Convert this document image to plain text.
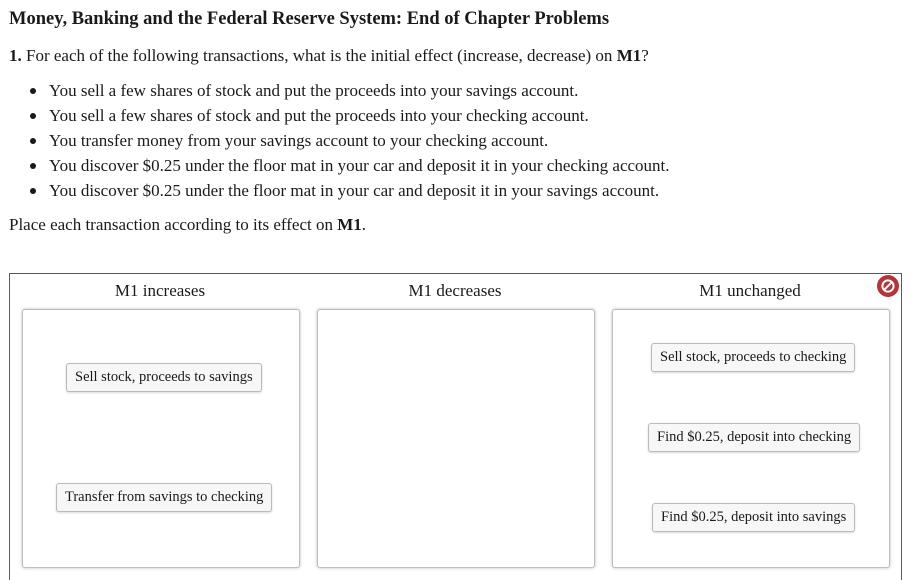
Money, Banking and the Federal Reserve System: End of Chapter Problems

1. For each of the following transactions, what is the initial effect (increase, decrease) on M1?

You sell a few shares of stock and put the proceeds into your savings account.
You sell a few shares of stock and put the proceeds into your checking account.
You transfer money from your savings account to your checking account.
You discover $0.25 under the floor mat in your car and deposit it in your checking account.
You discover $0.25 under the floor mat in your car and deposit it in your savings account.

Place each transaction according to its effect on M1.

M1 increases
Sell stock, proceeds to savings
Transfer from savings to checking
M1 decreases	M1 unchanged
Sell stock, proceeds to checking
Find $0.25, deposit into checking
Find $0.25, deposit into savings
